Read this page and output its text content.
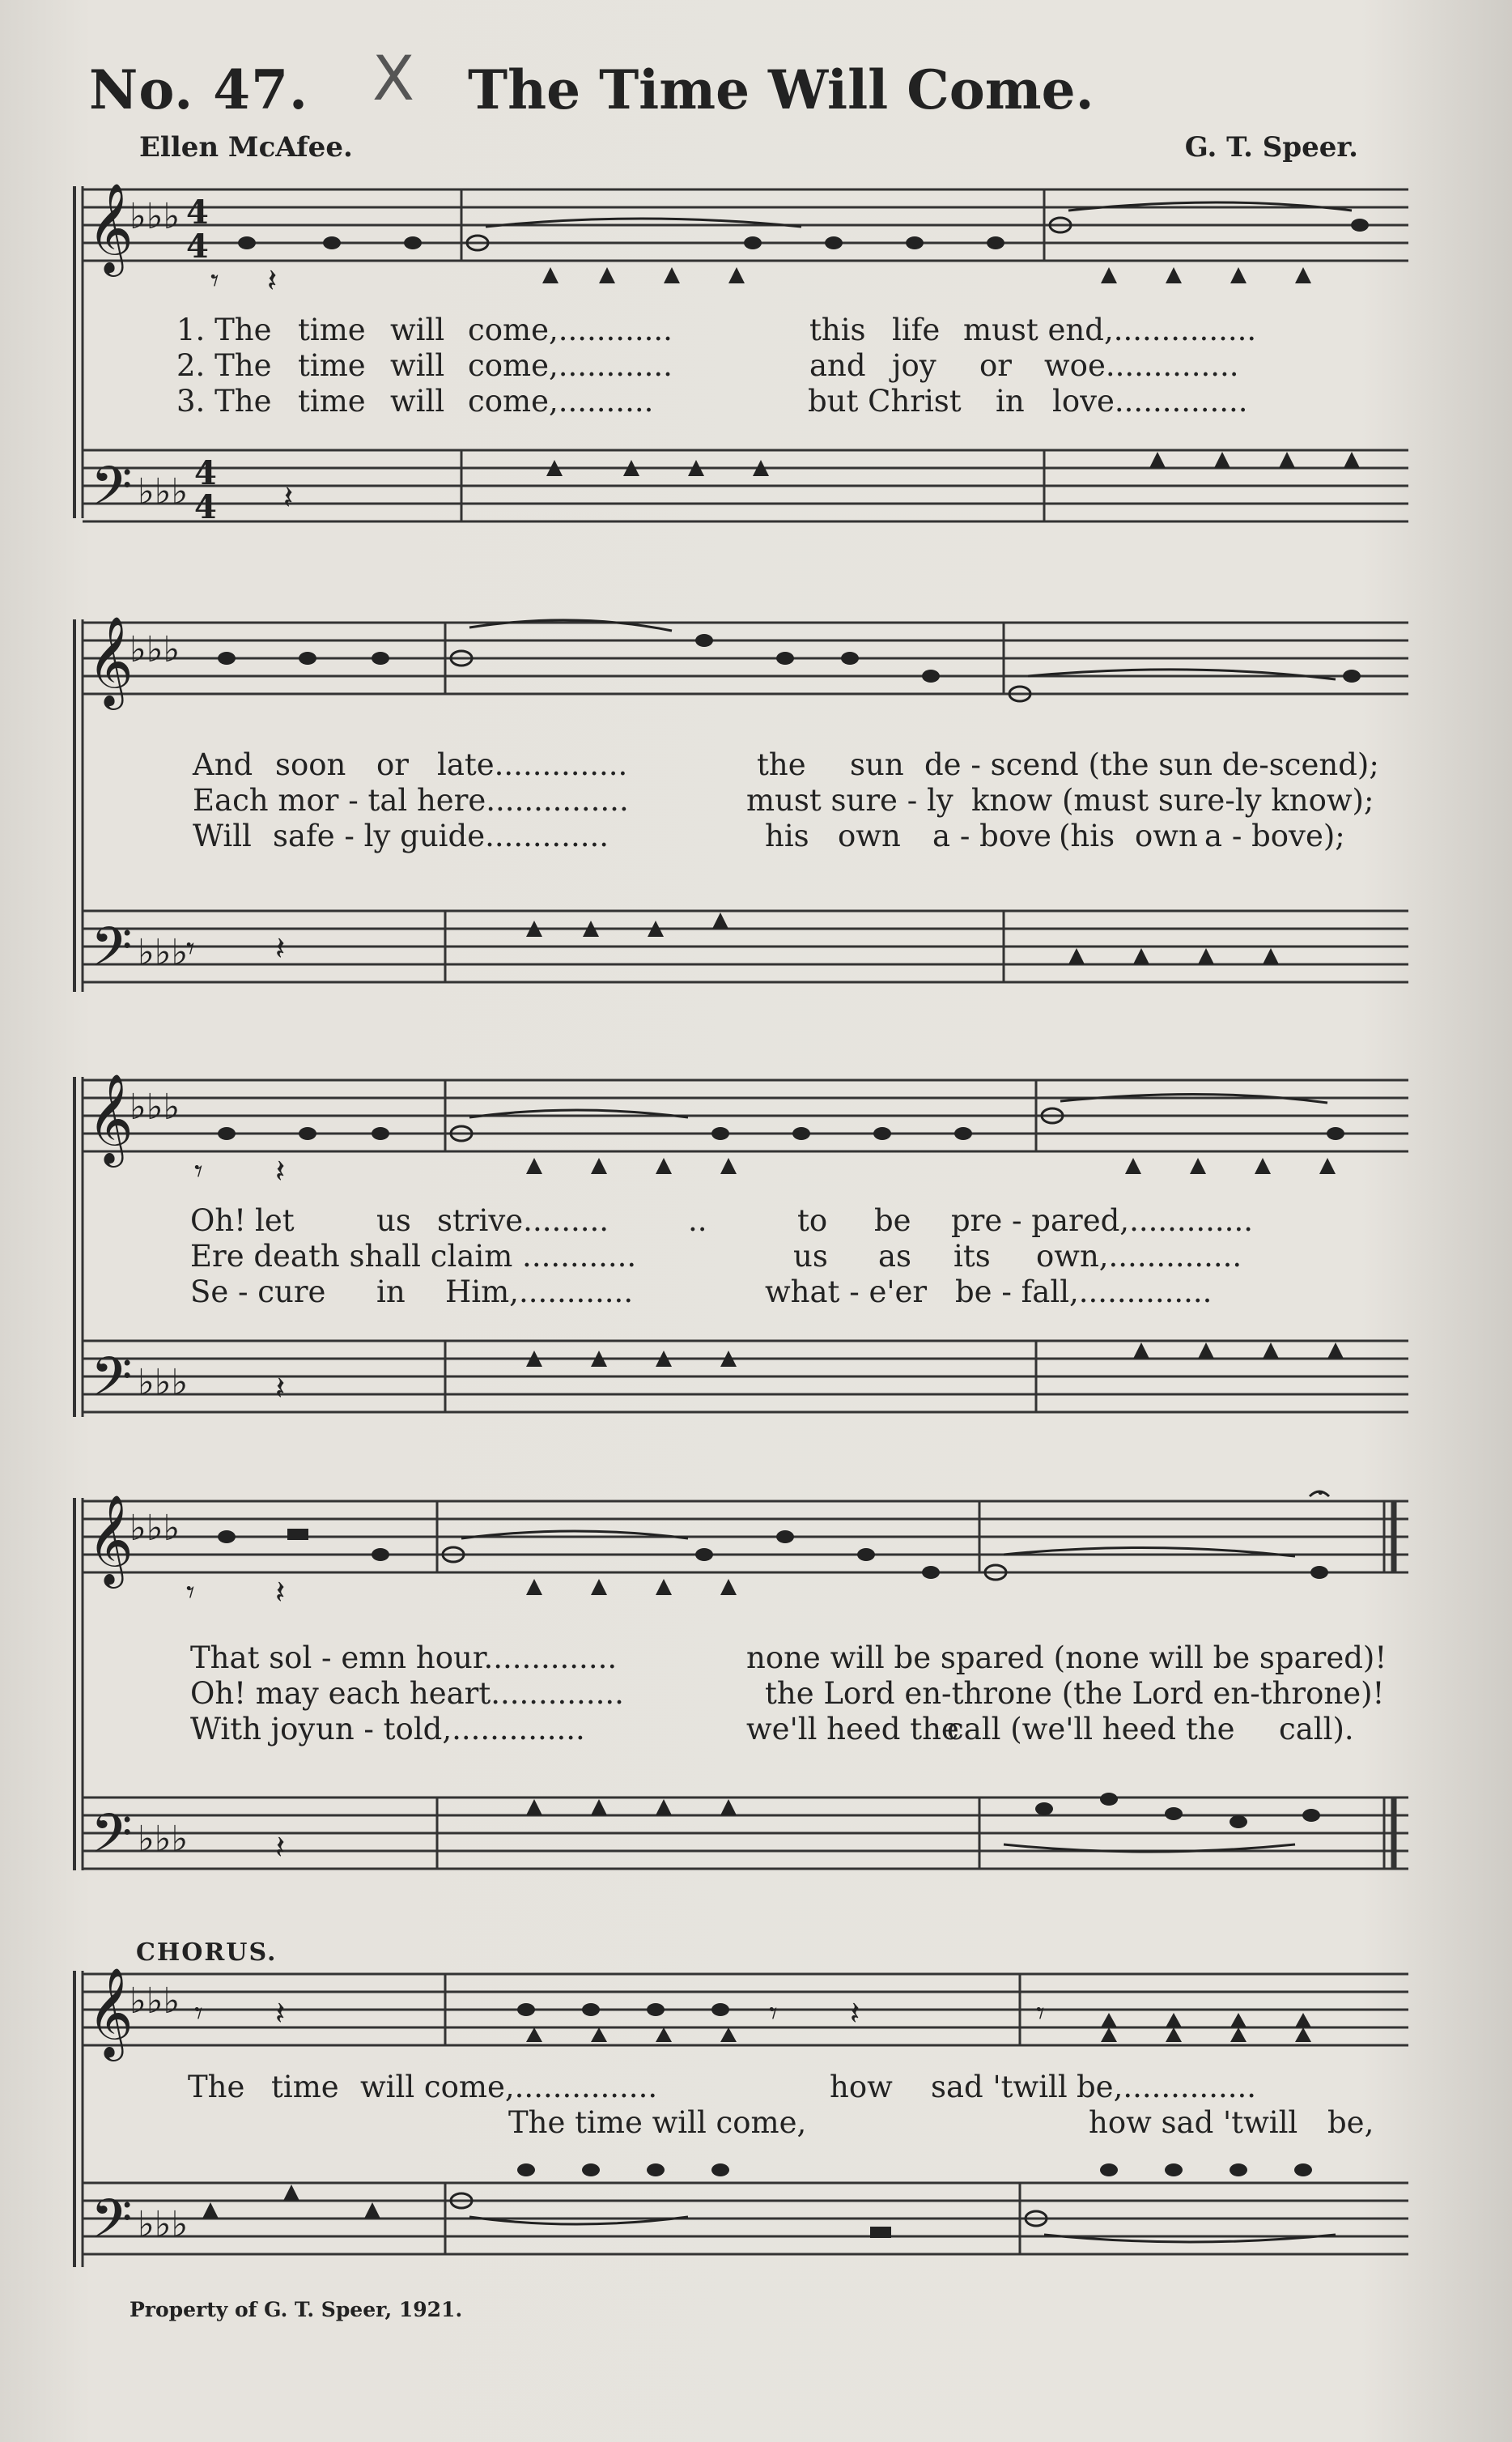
No. 47. X The Time Will Come.
Ellen McAfee.	G. T. Speer.
𝄞
♭♭♭ 4
4
𝄢 ♭♭♭ 4
4
𝄾 𝄽
𝄽
1. The time will come,............	this life must end,...............
2. The time will come,............	and joy or woe..............
3. The time will come,..........	but Christ in love..............
𝄞
♭♭♭
𝄢 ♭♭♭
𝄾 𝄽
And soon or late..............	the sun de - scend (the sun de-scend);
Each mor - tal here...............	must sure - ly know (must sure-ly know);
Will safe - ly guide.............	his own a - bove (his own a - bove);
𝄞
♭♭♭
𝄢 ♭♭♭
𝄾 𝄽
𝄽
Oh! let	us strive.........	..	to be pre - pared,.............
Ere death shall claim ............	us as its own,..............
Se - cure in Him,............	what - e'er be - fall,..............
𝄞
♭♭♭
𝄢 ♭♭♭
•
𝄾 𝄽
𝄽
That sol - emn hour..............	none will be spared (none will be spared)!
Oh! may each heart..............	the Lord en-throne (the Lord en-throne)!
With joy un - told,..............	we'll heed the
call (we'll heed the call).
CHORUS.
𝄞
♭♭♭
𝄢 ♭♭♭
𝄾 𝄽	𝄾 𝄽	𝄾
The time will come,...............	how sad 'twill be,..............
The time will come,	how sad 'twill be,
Property of G. T. Speer, 1921.
